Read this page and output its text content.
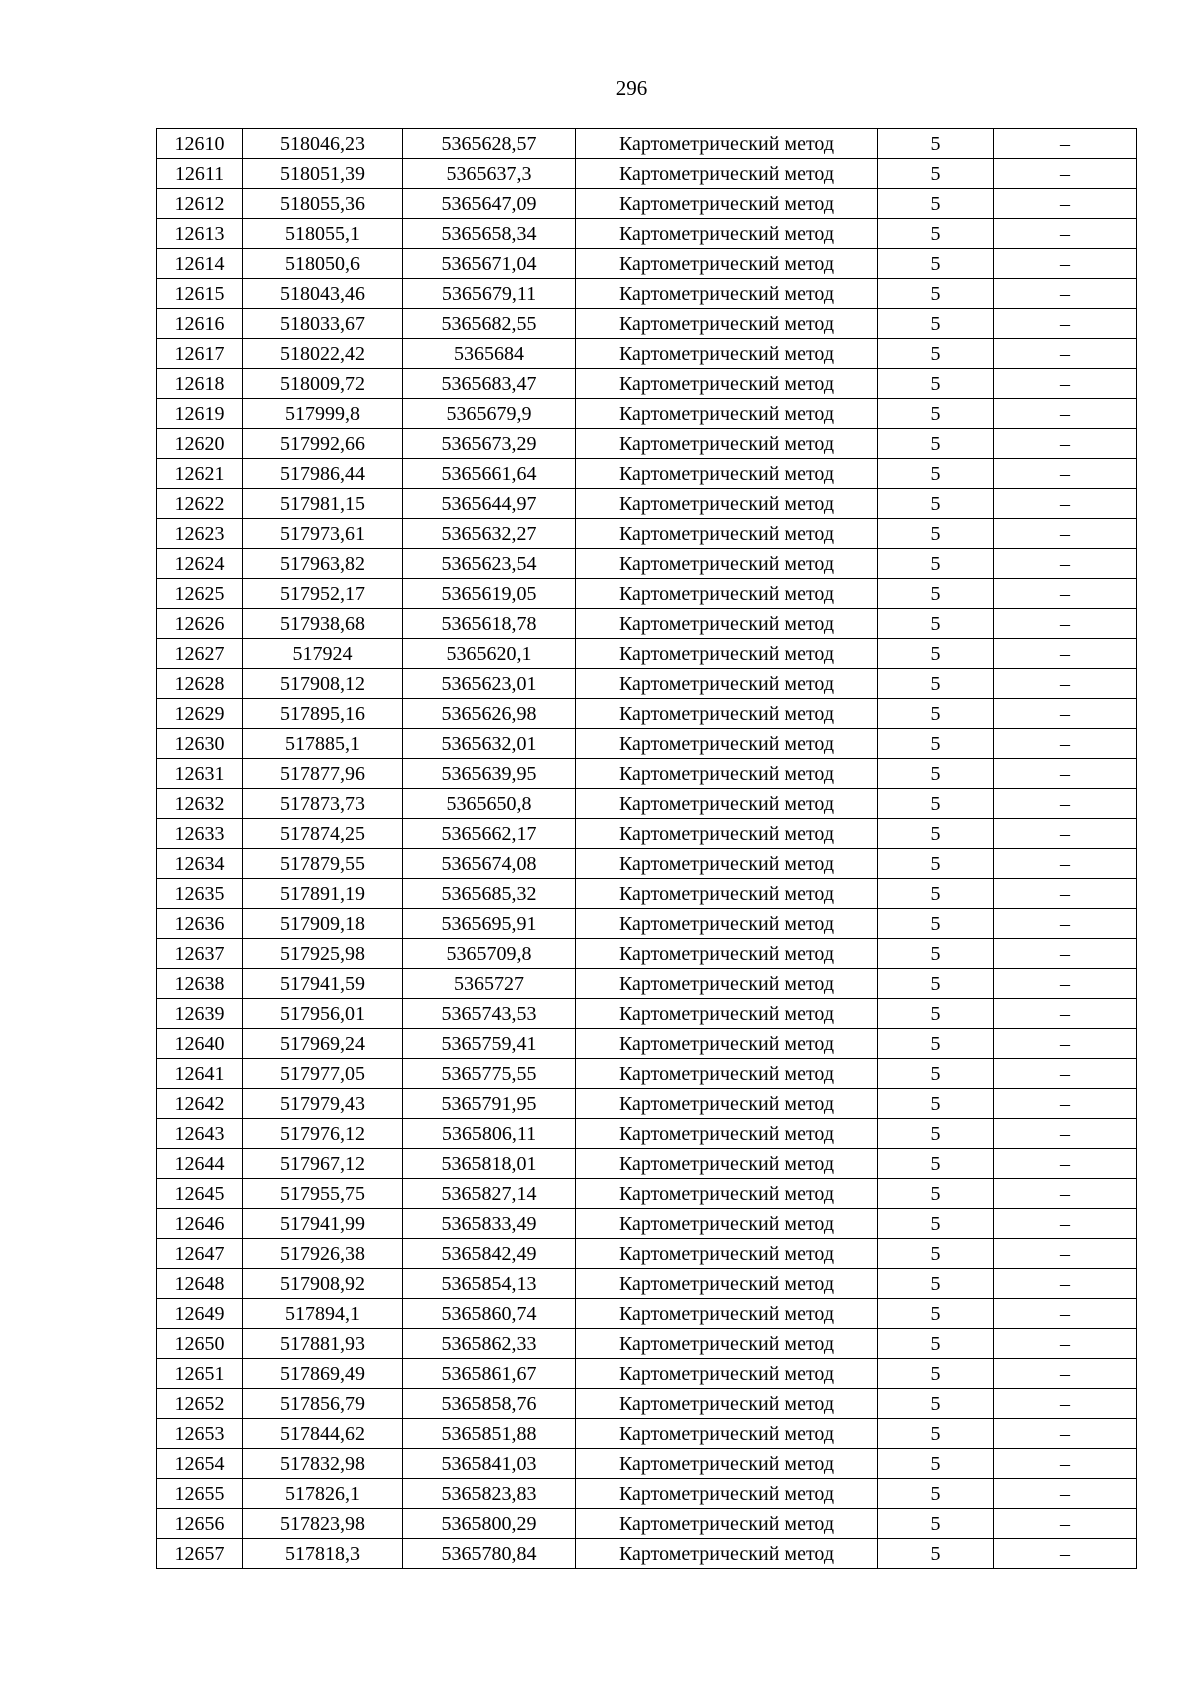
296
12610	518046,23	5365628,57	Картометрический метод	5	–
12611	518051,39	5365637,3	Картометрический метод	5	–
12612	518055,36	5365647,09	Картометрический метод	5	–
12613	518055,1	5365658,34	Картометрический метод	5	–
12614	518050,6	5365671,04	Картометрический метод	5	–
12615	518043,46	5365679,11	Картометрический метод	5	–
12616	518033,67	5365682,55	Картометрический метод	5	–
12617	518022,42	5365684	Картометрический метод	5	–
12618	518009,72	5365683,47	Картометрический метод	5	–
12619	517999,8	5365679,9	Картометрический метод	5	–
12620	517992,66	5365673,29	Картометрический метод	5	–
12621	517986,44	5365661,64	Картометрический метод	5	–
12622	517981,15	5365644,97	Картометрический метод	5	–
12623	517973,61	5365632,27	Картометрический метод	5	–
12624	517963,82	5365623,54	Картометрический метод	5	–
12625	517952,17	5365619,05	Картометрический метод	5	–
12626	517938,68	5365618,78	Картометрический метод	5	–
12627	517924	5365620,1	Картометрический метод	5	–
12628	517908,12	5365623,01	Картометрический метод	5	–
12629	517895,16	5365626,98	Картометрический метод	5	–
12630	517885,1	5365632,01	Картометрический метод	5	–
12631	517877,96	5365639,95	Картометрический метод	5	–
12632	517873,73	5365650,8	Картометрический метод	5	–
12633	517874,25	5365662,17	Картометрический метод	5	–
12634	517879,55	5365674,08	Картометрический метод	5	–
12635	517891,19	5365685,32	Картометрический метод	5	–
12636	517909,18	5365695,91	Картометрический метод	5	–
12637	517925,98	5365709,8	Картометрический метод	5	–
12638	517941,59	5365727	Картометрический метод	5	–
12639	517956,01	5365743,53	Картометрический метод	5	–
12640	517969,24	5365759,41	Картометрический метод	5	–
12641	517977,05	5365775,55	Картометрический метод	5	–
12642	517979,43	5365791,95	Картометрический метод	5	–
12643	517976,12	5365806,11	Картометрический метод	5	–
12644	517967,12	5365818,01	Картометрический метод	5	–
12645	517955,75	5365827,14	Картометрический метод	5	–
12646	517941,99	5365833,49	Картометрический метод	5	–
12647	517926,38	5365842,49	Картометрический метод	5	–
12648	517908,92	5365854,13	Картометрический метод	5	–
12649	517894,1	5365860,74	Картометрический метод	5	–
12650	517881,93	5365862,33	Картометрический метод	5	–
12651	517869,49	5365861,67	Картометрический метод	5	–
12652	517856,79	5365858,76	Картометрический метод	5	–
12653	517844,62	5365851,88	Картометрический метод	5	–
12654	517832,98	5365841,03	Картометрический метод	5	–
12655	517826,1	5365823,83	Картометрический метод	5	–
12656	517823,98	5365800,29	Картометрический метод	5	–
12657	517818,3	5365780,84	Картометрический метод	5	–
